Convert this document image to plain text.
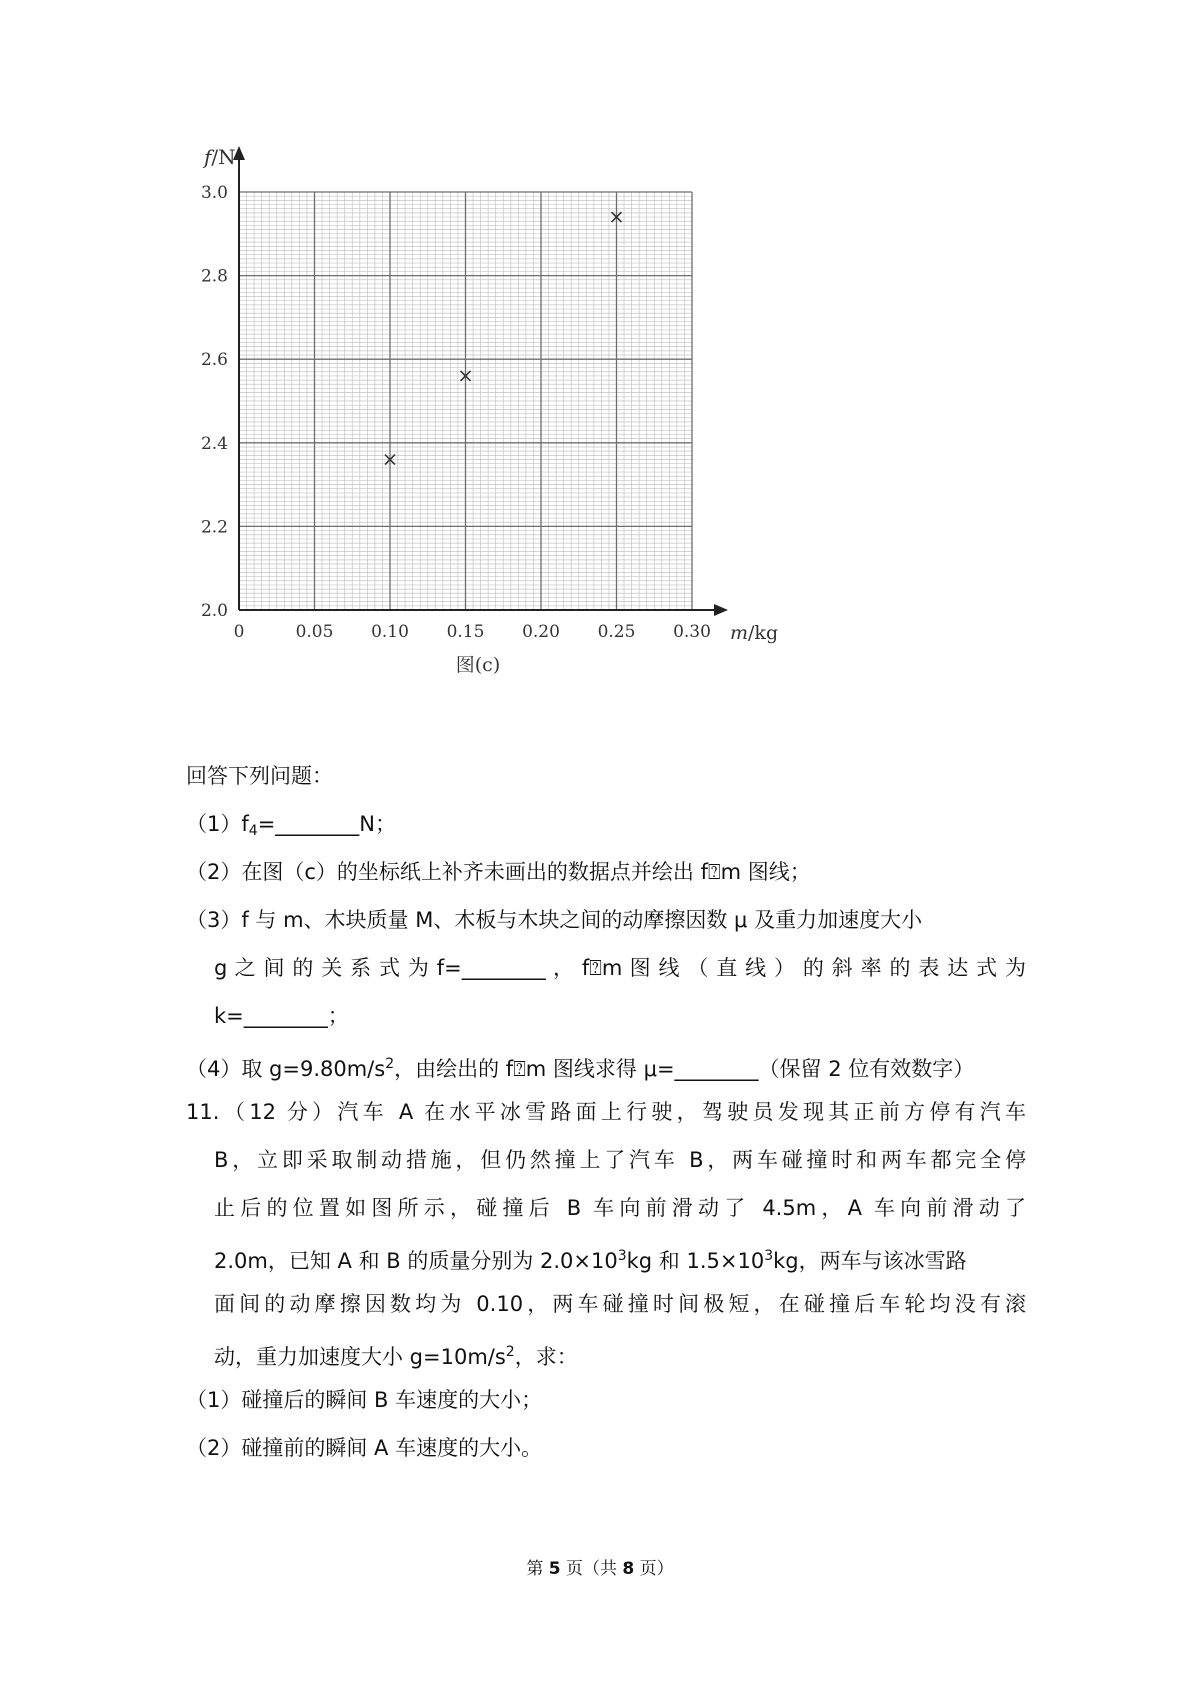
2.0
2.2
2.4
2.6
2.8
3.0
0	0.05 0.10 0.15 0.20 0.25 0.30
f/N
m/kg
图(c)
回答下列问题：
$(1)f_4=\_\_\_\_\_\_\_\_N$；
（2）在图（c）的坐标纸上补齐未画出的数据点并绘出 f⍰m 图线；
（3）f 与 m、木块质量 M、木板与木块之间的动摩擦因数 μ 及重力加速度大小
g 之 间 的 关 系 式 为 f=________ ， f⍰m 图 线 （ 直 线 ） 的 斜 率 的 表 达 式 为
k=________；
（4）取 $g=9.80m/s^2$，由绘出的 f⍰m 图线求得 μ=________（保留 2 位有效数字）
11. （12 分）汽车 A 在水平冰雪路面上行驶，驾驶员发现其正前方停有汽车
B，立即采取制动措施，但仍然撞上了汽车 B，两车碰撞时和两车都完全停
止后的位置如图所示，碰撞后 B 车向前滑动了 4.5m，A 车向前滑动了
2.0m，已知 A 和 B 的质量分别为 $2.0\times 10^3kg$ 和 $1.5\times 10^3kg$，两车与该冰雪路
面间的动摩擦因数均为 0.10，两车碰撞时间极短，在碰撞后车轮均没有滚
动，重力加速度大小 $g=10m/s^2$，求：
（1）碰撞后的瞬间 B 车速度的大小；
（2）碰撞前的瞬间 A 车速度的大小。
第 5 页（共 8 页）
